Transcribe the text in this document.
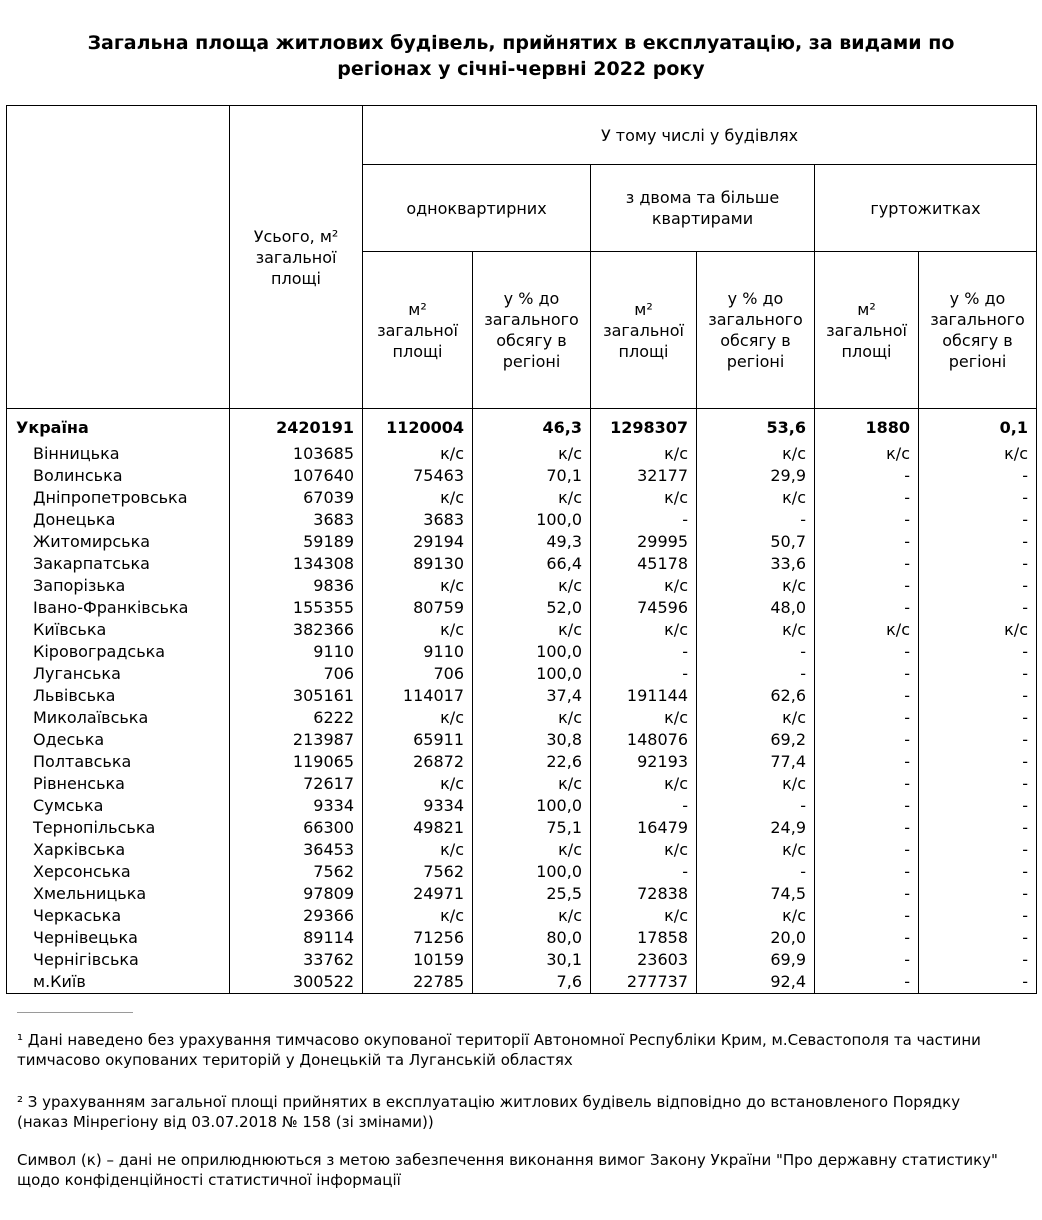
Загальна площа житлових будівель, прийнятих в експлуатацію, за видами по
регіонах у січні-червні 2022 року

	Усього, м²
загальної
площі	У тому числі у будівлях					
		одноквартирних		з двома та більше
квартирами		гуртожитках	

		м²
загальної
площі	у % до
загального
обсягу в
регіоні	м²
загальної
площі	у % до
загального
обсягу в
регіоні	м²
загальної
площі	у % до
загального
обсягу в
регіоні

Україна	2420191	1120004	46,3	1298307	53,6	1880	0,1
Вінницька	103685	к/с	к/с	к/с	к/с	к/с	к/с
Волинська	107640	75463	70,1	32177	29,9	-	-
Дніпропетровська	67039	к/с	к/с	к/с	к/с	-	-
Донецька	3683	3683	100,0	-	-	-	-
Житомирська	59189	29194	49,3	29995	50,7	-	-
Закарпатська	134308	89130	66,4	45178	33,6	-	-
Запорізька	9836	к/с	к/с	к/с	к/с	-	-
Івано-Франківська	155355	80759	52,0	74596	48,0	-	-
Київська	382366	к/с	к/с	к/с	к/с	к/с	к/с
Кіровоградська	9110	9110	100,0	-	-	-	-
Луганська	706	706	100,0	-	-	-	-
Львівська	305161	114017	37,4	191144	62,6	-	-
Миколаївська	6222	к/с	к/с	к/с	к/с	-	-
Одеська	213987	65911	30,8	148076	69,2	-	-
Полтавська	119065	26872	22,6	92193	77,4	-	-
Рівненська	72617	к/с	к/с	к/с	к/с	-	-
Сумська	9334	9334	100,0	-	-	-	-
Тернопільська	66300	49821	75,1	16479	24,9	-	-
Харківська	36453	к/с	к/с	к/с	к/с	-	-
Херсонська	7562	7562	100,0	-	-	-	-
Хмельницька	97809	24971	25,5	72838	74,5	-	-
Черкаська	29366	к/с	к/с	к/с	к/с	-	-
Чернівецька	89114	71256	80,0	17858	20,0	-	-
Чернігівська	33762	10159	30,1	23603	69,9	-	-
м.Київ	300522	22785	7,6	277737	92,4	-	-
¹ Дані наведено без урахування тимчасово окупованої території Автономної Республіки Крим, м.Севастополя та частини
тимчасово окупованих територій у Донецькій та Луганській областях
² З урахуванням загальної площі прийнятих в експлуатацію житлових будівель відповідно до встановленого Порядку
(наказ Мінрегіону від 03.07.2018 № 158 (зі змінами))
Символ (к) – дані не оприлюднюються з метою забезпечення виконання вимог Закону України "Про державну статистику"
щодо конфіденційності статистичної інформації
